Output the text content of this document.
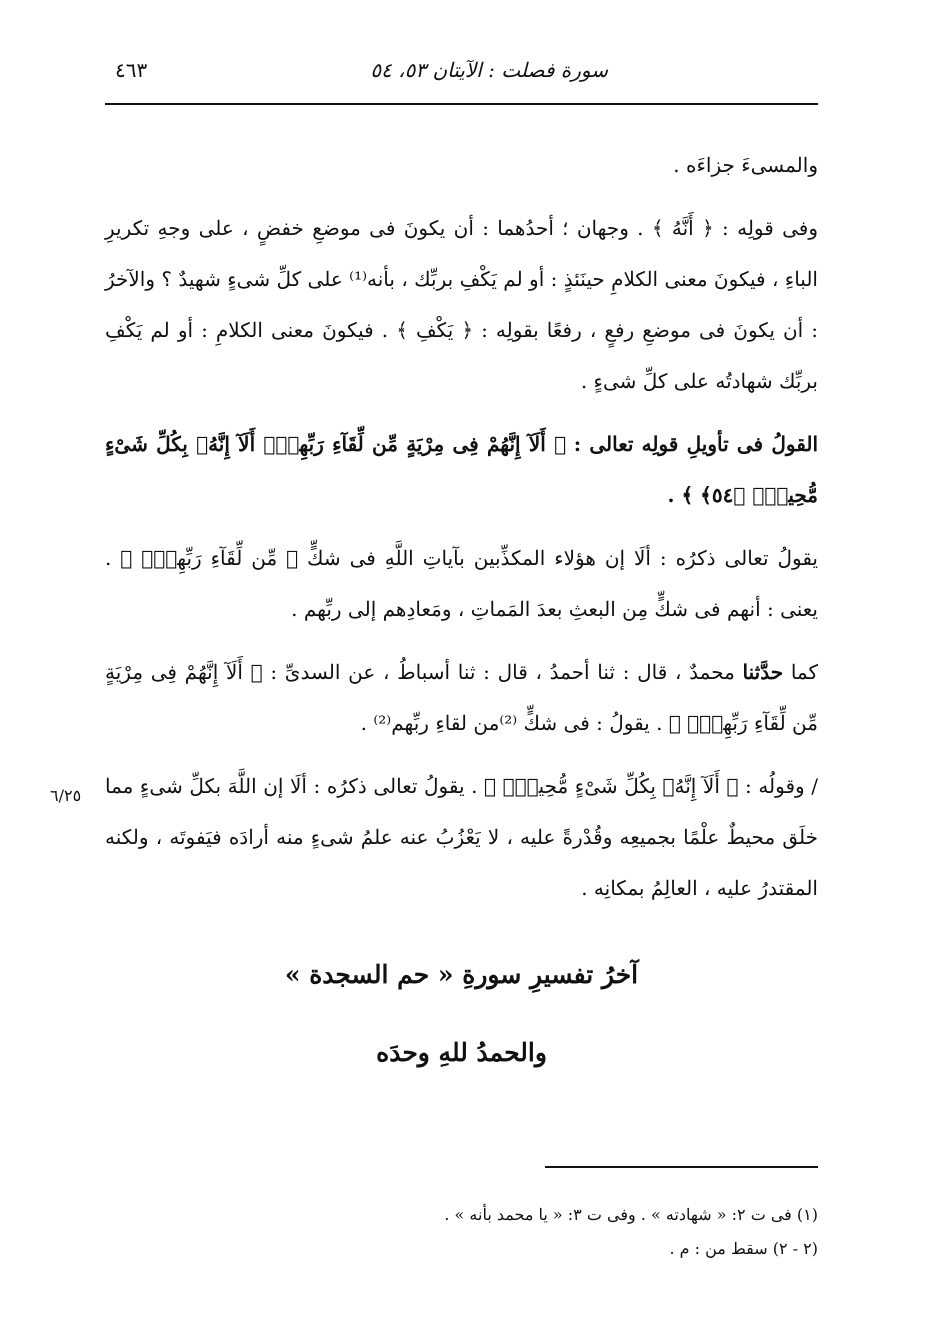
سورة فصلت : الآيتان ٥٣، ٥٤
٤٦٣

والمسىءَ جزاءَه .

وفى قولِه : ﴿ أَنَّهُ ﴾ . وجهان ؛ أحدُهما : أن يكونَ فى موضعِ خفضٍ ، على وجهِ تكريرِ الباءِ ، فيكونَ معنى الكلامِ حينَئذٍ : أو لم يَكْفِ بربِّك ، بأنه⁽¹⁾ على كلِّ شىءٍ شهيدٌ ؟ والآخرُ : أن يكونَ فى موضعِ رفعٍ ، رفعًا بقولِه : ﴿ يَكْفِ ﴾ . فيكونَ معنى الكلامِ : أو لم يَكْفِ بربِّك شهادتُه على كلِّ شىءٍ .

القولُ فى تأويلِ قولِه تعالى : ﴿ أَلَآ إِنَّهُمْ فِى مِرْيَةٍ مِّن لِّقَآءِ رَبِّهِمْۗ أَلَآ إِنَّهُۥ بِكُلِّ شَىْءٍ مُّحِيطٌۢ ﴿٥٤﴾ ﴾ .

يقولُ تعالى ذكرُه : ألَا إن هؤلاء المكذِّبين بآياتِ اللَّهِ فى شكٍّ ﴿ مِّن لِّقَآءِ رَبِّهِمْۗ ﴾ . يعنى : أنهم فى شكٍّ مِن البعثِ بعدَ المَماتِ ، ومَعادِهم إلى ربِّهم .

كما حدَّثنا محمدٌ ، قال : ثنا أحمدُ ، قال : ثنا أسباطُ ، عن السدىِّ : ﴿ أَلَآ إِنَّهُمْ فِى مِرْيَةٍ مِّن لِّقَآءِ رَبِّهِمْۗ ﴾ . يقولُ : فى شكٍّ ⁽²⁾من لقاءِ ربِّهم⁽²⁾ .

/ وقولُه : ﴿ أَلَآ إِنَّهُۥ بِكُلِّ شَىْءٍ مُّحِيطٌۢ ﴾ . يقولُ تعالى ذكرُه : ألَا إن اللَّهَ بكلِّ شىءٍ مما خلَق محيطٌ علْمًا بجميعِه وقُدْرةً عليه ، لا يَعْزُبُ عنه علمُ شىءٍ منه أرادَه فيَفوتَه ، ولكنه المقتدرُ عليه ، العالِمُ بمكانِه .

٦/٢٥
آخرُ تفسيرِ سورةِ « حم السجدة »
والحمدُ للهِ وحدَه
(١) فى ت ٢: « شهادته » . وفى ت ٣: « يا محمد بأنه » .
(٢ - ٢) سقط من : م .
